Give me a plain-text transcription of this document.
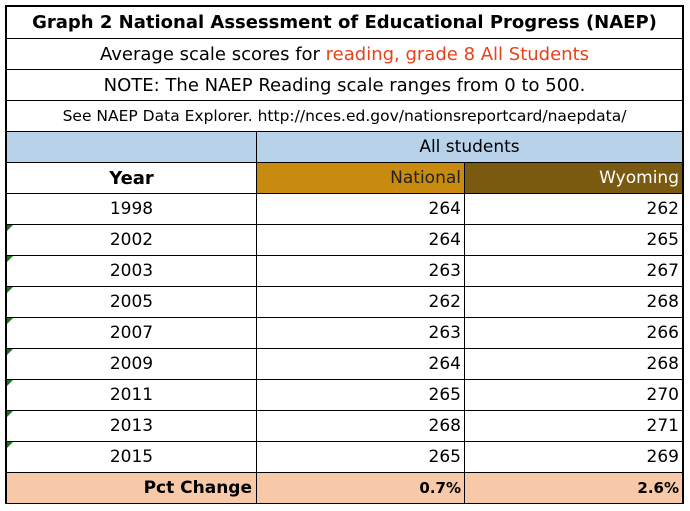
Graph 2 National Assessment of Educational Progress (NAEP)
Average scale scores for reading, grade 8 All Students
NOTE: The NAEP Reading scale ranges from 0 to 500.
See NAEP Data Explorer. http://nces.ed.gov/nationsreportcard/naepdata/
All students
Year	National	Wyoming
1998	264	262
2002	264	265
2003	263	267
2005	262	268
2007	263	266
2009	264	268
2011	265	270
2013	268	271
2015	265	269
Pct Change	0.7%	2.6%
